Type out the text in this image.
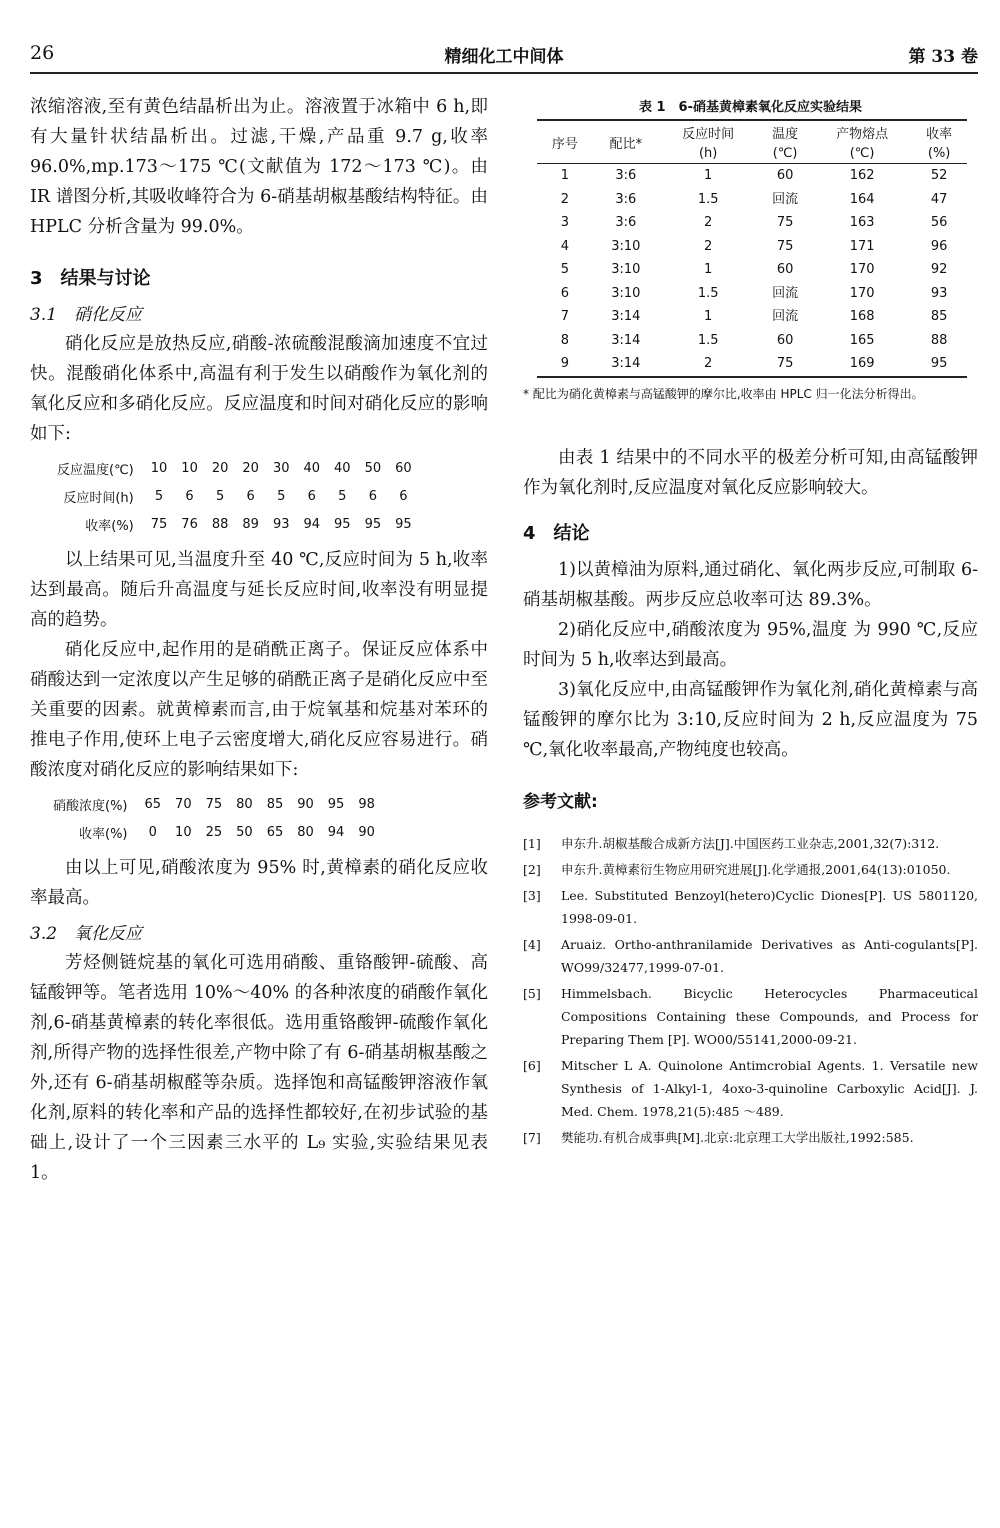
26	精细化工中间体	第 33 卷

浓缩溶液,至有黄色结晶析出为止。溶液置于冰箱中 6 h,即有大量针状结晶析出。过滤,干燥,产品重 9.7 g,收率 96.0%,mp.173～175 ℃(文献值为 172～173 ℃)。由 IR 谱图分析,其吸收峰符合为 6-硝基胡椒基酸结构特征。由 HPLC 分析含量为 99.0%。

3　结果与讨论
3.1　硝化反应

硝化反应是放热反应,硝酸-浓硫酸混酸滴加速度不宜过快。混酸硝化体系中,高温有利于发生以硝酸作为氧化剂的氧化反应和多硝化反应。反应温度和时间对硝化反应的影响如下:

反应温度(℃)	10	10	20	20	30	40	40	50	60
反应时间(h)	5	6	5	6	5	6	5	6	6
收率(%)	75	76	88	89	93	94	95	95	95

以上结果可见,当温度升至 40 ℃,反应时间为 5 h,收率达到最高。随后升高温度与延长反应时间,收率没有明显提高的趋势。

硝化反应中,起作用的是硝酰正离子。保证反应体系中硝酸达到一定浓度以产生足够的硝酰正离子是硝化反应中至关重要的因素。就黄樟素而言,由于烷氧基和烷基对苯环的推电子作用,使环上电子云密度增大,硝化反应容易进行。硝酸浓度对硝化反应的影响结果如下:

硝酸浓度(%)	65	70	75	80	85	90	95	98
收率(%)	0	10	25	50	65	80	94	90

由以上可见,硝酸浓度为 95% 时,黄樟素的硝化反应收率最高。

3.2　氧化反应

芳烃侧链烷基的氧化可选用硝酸、重铬酸钾-硫酸、高锰酸钾等。笔者选用 10%～40% 的各种浓度的硝酸作氧化剂,6-硝基黄樟素的转化率很低。选用重铬酸钾-硫酸作氧化剂,所得产物的选择性很差,产物中除了有 6-硝基胡椒基酸之外,还有 6-硝基胡椒醛等杂质。选择饱和高锰酸钾溶液作氧化剂,原料的转化率和产品的选择性都较好,在初步试验的基础上,设计了一个三因素三水平的 L₉ 实验,实验结果见表 1。

表 1　6-硝基黄樟素氧化反应实验结果
序号	配比*	反应时间	温度	产物熔点	收率
		(h)	(℃)	(℃)	(%)
1	3:6	1	60	162	52
2	3:6	1.5	回流	164	47
3	3:6	2	75	163	56
4	3:10	2	75	171	96
5	3:10	1	60	170	92
6	3:10	1.5	回流	170	93
7	3:14	1	回流	168	85
8	3:14	1.5	60	165	88
9	3:14	2	75	169	95

* 配比为硝化黄樟素与高锰酸钾的摩尔比,收率由 HPLC 归一化法分析得出。

由表 1 结果中的不同水平的极差分析可知,由高锰酸钾作为氧化剂时,反应温度对氧化反应影响较大。

4　结论

1)以黄樟油为原料,通过硝化、氧化两步反应,可制取 6-硝基胡椒基酸。两步反应总收率可达 89.3%。

2)硝化反应中,硝酸浓度为 95%,温度 为 990 ℃,反应时间为 5 h,收率达到最高。

3)氧化反应中,由高锰酸钾作为氧化剂,硝化黄樟素与高锰酸钾的摩尔比为 3:10,反应时间为 2 h,反应温度为 75 ℃,氧化收率最高,产物纯度也较高。

参考文献:
[1]	申东升.胡椒基酸合成新方法[J].中国医药工业杂志,2001,32(7):312.
[2]	申东升.黄樟素衍生物应用研究进展[J].化学通报,2001,64(13):01050.
[3]	Lee. Substituted Benzoyl(hetero)Cyclic Diones[P]. US 5801120, 1998-09-01.
[4]	Aruaiz. Ortho-anthranilamide Derivatives as Anti-cogulants[P]. WO99/32477,1999-07-01.
[5]	Himmelsbach. Bicyclic Heterocycles Pharmaceutical Compositions Containing these Compounds, and Process for Preparing Them [P]. WO00/55141,2000-09-21.
[6]	Mitscher L A. Quinolone Antimcrobial Agents. 1. Versatile new Synthesis of 1-Alkyl-1, 4oxo-3-quinoline Carboxylic Acid[J]. J. Med. Chem. 1978,21(5):485 ～489.
[7]	樊能功.有机合成事典[M].北京:北京理工大学出版社,1992:585.
